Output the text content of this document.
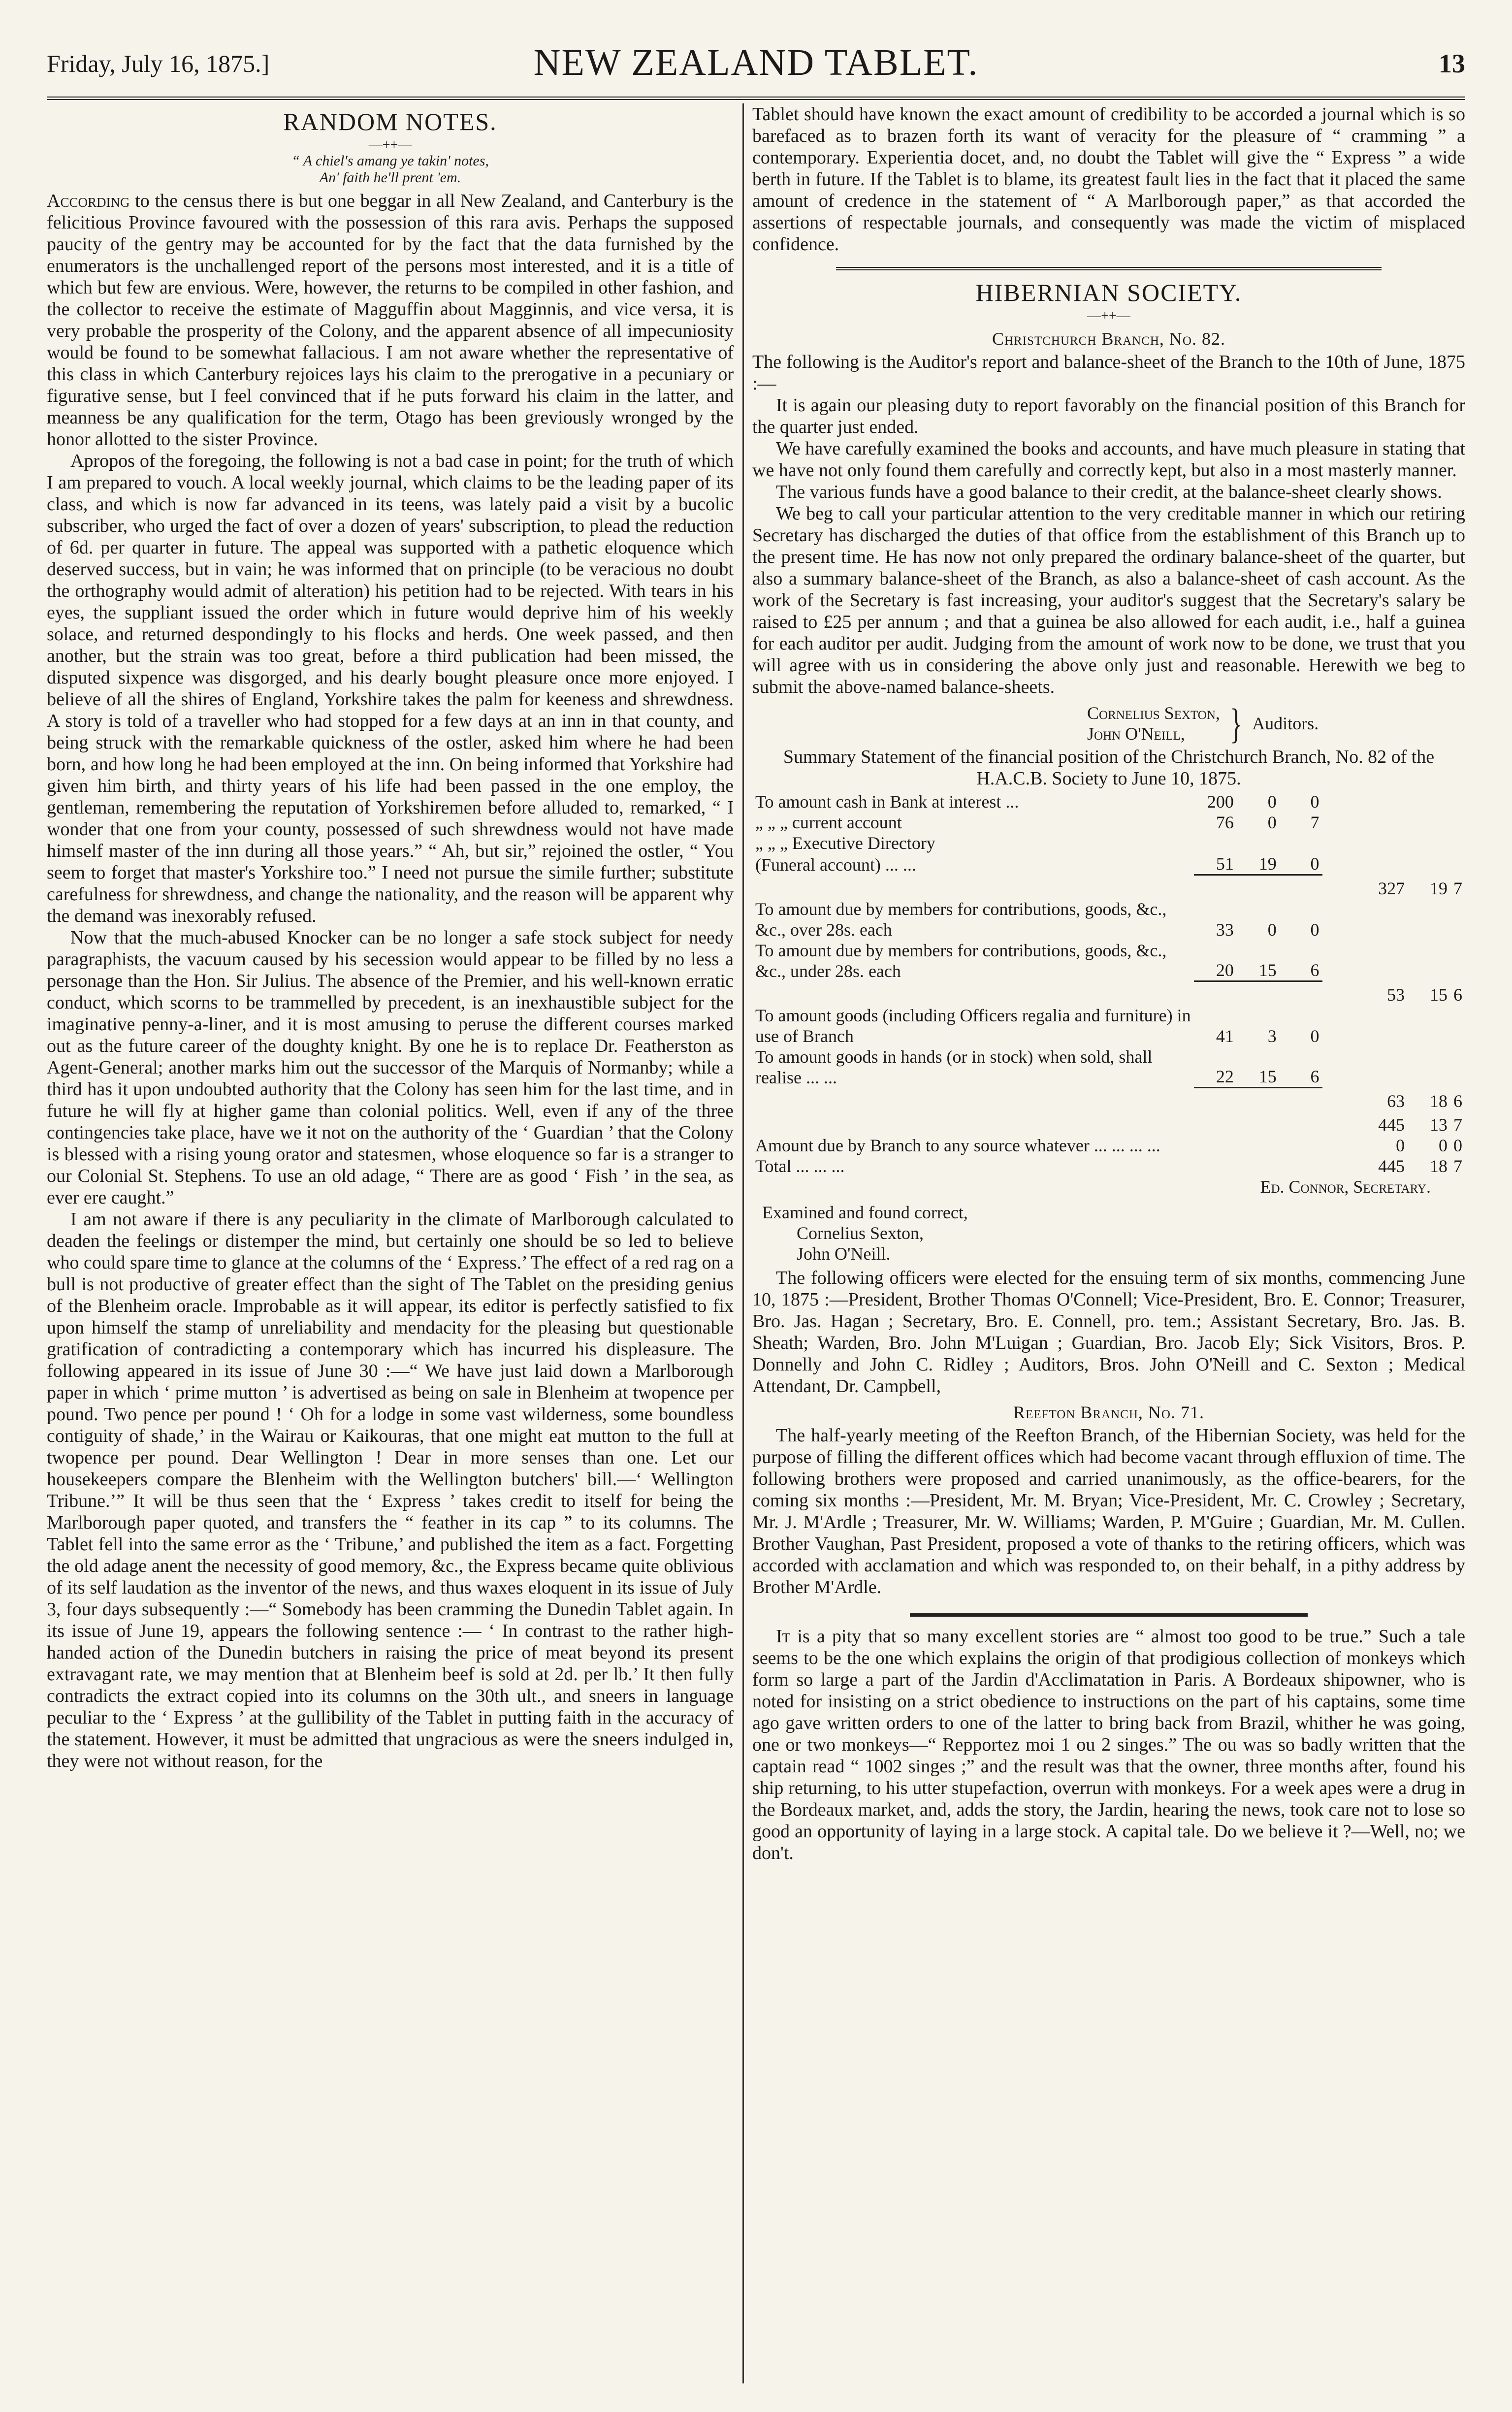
Friday, July 16, 1875.]	NEW ZEALAND TABLET.	13
RANDOM NOTES.
—++—
“ A chiel's amang ye takin' notes,
An' faith he'll prent 'em.

According to the census there is but one beggar in all New Zealand, and Canterbury is the felicitious Province favoured with the possession of this rara avis. Perhaps the supposed paucity of the gentry may be accounted for by the fact that the data furnished by the enumerators is the unchallenged report of the persons most interested, and it is a title of which but few are envious. Were, however, the returns to be compiled in other fashion, and the collector to receive the estimate of Magguffin about Magginnis, and vice versa, it is very probable the prosperity of the Colony, and the apparent absence of all impecuniosity would be found to be somewhat fallacious. I am not aware whether the representative of this class in which Canterbury rejoices lays his claim to the prerogative in a pecuniary or figurative sense, but I feel convinced that if he puts forward his claim in the latter, and meanness be any qualification for the term, Otago has been greviously wronged by the honor allotted to the sister Province.

Apropos of the foregoing, the following is not a bad case in point; for the truth of which I am prepared to vouch. A local weekly journal, which claims to be the leading paper of its class, and which is now far advanced in its teens, was lately paid a visit by a bucolic subscriber, who urged the fact of over a dozen of years' subscription, to plead the reduction of 6d. per quarter in future. The appeal was supported with a pathetic eloquence which deserved success, but in vain; he was informed that on principle (to be veracious no doubt the orthography would admit of alteration) his petition had to be rejected. With tears in his eyes, the suppliant issued the order which in future would deprive him of his weekly solace, and returned despondingly to his flocks and herds. One week passed, and then another, but the strain was too great, before a third publication had been missed, the disputed sixpence was disgorged, and his dearly bought pleasure once more enjoyed. I believe of all the shires of England, Yorkshire takes the palm for keeness and shrewdness. A story is told of a traveller who had stopped for a few days at an inn in that county, and being struck with the remarkable quickness of the ostler, asked him where he had been born, and how long he had been employed at the inn. On being informed that Yorkshire had given him birth, and thirty years of his life had been passed in the one employ, the gentleman, remembering the reputation of Yorkshiremen before alluded to, remarked, “ I wonder that one from your county, possessed of such shrewdness would not have made himself master of the inn during all those years.” “ Ah, but sir,” rejoined the ostler, “ You seem to forget that master's Yorkshire too.” I need not pursue the simile further; substitute carefulness for shrewdness, and change the nationality, and the reason will be apparent why the demand was inexorably refused.

Now that the much-abused Knocker can be no longer a safe stock subject for needy paragraphists, the vacuum caused by his secession would appear to be filled by no less a personage than the Hon. Sir Julius. The absence of the Premier, and his well-known erratic conduct, which scorns to be trammelled by precedent, is an inexhaustible subject for the imaginative penny-a-liner, and it is most amusing to peruse the different courses marked out as the future career of the doughty knight. By one he is to replace Dr. Featherston as Agent-General; another marks him out the successor of the Marquis of Normanby; while a third has it upon undoubted authority that the Colony has seen him for the last time, and in future he will fly at higher game than colonial politics. Well, even if any of the three contingencies take place, have we it not on the authority of the ‘ Guardian ’ that the Colony is blessed with a rising young orator and statesmen, whose eloquence so far is a stranger to our Colonial St. Stephens. To use an old adage, “ There are as good ‘ Fish ’ in the sea, as ever ere caught.”

I am not aware if there is any peculiarity in the climate of Marlborough calculated to deaden the feelings or distemper the mind, but certainly one should be so led to believe who could spare time to glance at the columns of the ‘ Express.’ The effect of a red rag on a bull is not productive of greater effect than the sight of The Tablet on the presiding genius of the Blenheim oracle. Improbable as it will appear, its editor is perfectly satisfied to fix upon himself the stamp of unreliability and mendacity for the pleasing but questionable gratification of contradicting a contemporary which has incurred his displeasure. The following appeared in its issue of June 30 :—“ We have just laid down a Marlborough paper in which ‘ prime mutton ’ is advertised as being on sale in Blenheim at twopence per pound. Two pence per pound ! ‘ Oh for a lodge in some vast wilderness, some boundless contiguity of shade,’ in the Wairau or Kaikouras, that one might eat mutton to the full at twopence per pound. Dear Wellington ! Dear in more senses than one. Let our housekeepers compare the Blenheim with the Wellington butchers' bill.—‘ Wellington Tribune.’” It will be thus seen that the ‘ Express ’ takes credit to itself for being the Marlborough paper quoted, and transfers the “ feather in its cap ” to its columns. The Tablet fell into the same error as the ‘ Tribune,’ and published the item as a fact. Forgetting the old adage anent the necessity of good memory, &c., the Express became quite oblivious of its self laudation as the inventor of the news, and thus waxes eloquent in its issue of July 3, four days subsequently :—“ Somebody has been cramming the Dunedin Tablet again. In its issue of June 19, appears the following sentence :— ‘ In contrast to the rather high-handed action of the Dunedin butchers in raising the price of meat beyond its present extravagant rate, we may mention that at Blenheim beef is sold at 2d. per lb.’ It then fully contradicts the extract copied into its columns on the 30th ult., and sneers in language peculiar to the ‘ Express ’ at the gullibility of the Tablet in putting faith in the accuracy of the statement. However, it must be admitted that ungracious as were the sneers indulged in, they were not without reason, for the

Tablet should have known the exact amount of credibility to be accorded a journal which is so barefaced as to brazen forth its want of veracity for the pleasure of “ cramming ” a contemporary. Experientia docet, and, no doubt the Tablet will give the “ Express ” a wide berth in future. If the Tablet is to blame, its greatest fault lies in the fact that it placed the same amount of credence in the statement of “ A Marlborough paper,” as that accorded the assertions of respectable journals, and consequently was made the victim of misplaced confidence.

HIBERNIAN SOCIETY.
—++—
Christchurch Branch, No. 82.

The following is the Auditor's report and balance-sheet of the Branch to the 10th of June, 1875 :—

It is again our pleasing duty to report favorably on the financial position of this Branch for the quarter just ended.

We have carefully examined the books and accounts, and have much pleasure in stating that we have not only found them carefully and correctly kept, but also in a most masterly manner.

The various funds have a good balance to their credit, at the balance-sheet clearly shows.

We beg to call your particular attention to the very creditable manner in which our retiring Secretary has discharged the duties of that office from the establishment of this Branch up to the present time. He has now not only prepared the ordinary balance-sheet of the quarter, but also a summary balance-sheet of the Branch, as also a balance-sheet of cash account. As the work of the Secretary is fast increasing, your auditor's suggest that the Secretary's salary be raised to £25 per annum ; and that a guinea be also allowed for each audit, i.e., half a guinea for each auditor per audit. Judging from the amount of work now to be done, we trust that you will agree with us in considering the above only just and reasonable. Herewith we beg to submit the above-named balance-sheets.

Cornelius Sexton,
John O'Neill,	} Auditors.
Summary Statement of the financial position of the Christchurch Branch, No. 82 of the H.A.C.B. Society to June 10, 1875.
To amount cash in Bank at interest ...	200	0	0				
„ „ „ current account	76	0	7				
„ „ „ Executive Directory							
(Funeral account) ... ...	51	19	0				
					327	19	7
To amount due by members for contributions, goods, &c., &c., over 28s. each	33	0	0				
To amount due by members for contributions, goods, &c., &c., under 28s. each	20	15	6				
					53	15	6
To amount goods (including Officers regalia and furniture) in use of Branch	41	3	0				
To amount goods in hands (or in stock) when sold, shall realise ... ...	22	15	6				
					63	18	6
					445	13	7
Amount due by Branch to any source whatever ... ... ... ...					0	0	0
Total ... ... ...					445	18	7
Ed. Connor, Secretary.
Examined and found correct,
Cornelius Sexton,
John O'Neill.

The following officers were elected for the ensuing term of six months, commencing June 10, 1875 :—President, Brother Thomas O'Connell; Vice-President, Bro. E. Connor; Treasurer, Bro. Jas. Hagan ; Secretary, Bro. E. Connell, pro. tem.; Assistant Secretary, Bro. Jas. B. Sheath; Warden, Bro. John M'Luigan ; Guardian, Bro. Jacob Ely; Sick Visitors, Bros. P. Donnelly and John C. Ridley ; Auditors, Bros. John O'Neill and C. Sexton ; Medical Attendant, Dr. Campbell,

Reefton Branch, No. 71.

The half-yearly meeting of the Reefton Branch, of the Hibernian Society, was held for the purpose of filling the different offices which had become vacant through effluxion of time. The following brothers were proposed and carried unanimously, as the office-bearers, for the coming six months :—President, Mr. M. Bryan; Vice-President, Mr. C. Crowley ; Secretary, Mr. J. M'Ardle ; Treasurer, Mr. W. Williams; Warden, P. M'Guire ; Guardian, Mr. M. Cullen. Brother Vaughan, Past President, proposed a vote of thanks to the retiring officers, which was accorded with acclamation and which was responded to, on their behalf, in a pithy address by Brother M'Ardle.

It is a pity that so many excellent stories are “ almost too good to be true.” Such a tale seems to be the one which explains the origin of that prodigious collection of monkeys which form so large a part of the Jardin d'Acclimatation in Paris. A Bordeaux shipowner, who is noted for insisting on a strict obedience to instructions on the part of his captains, some time ago gave written orders to one of the latter to bring back from Brazil, whither he was going, one or two monkeys—“ Repportez moi 1 ou 2 singes.” The ou was so badly written that the captain read “ 1002 singes ;” and the result was that the owner, three months after, found his ship returning, to his utter stupefaction, overrun with monkeys. For a week apes were a drug in the Bordeaux market, and, adds the story, the Jardin, hearing the news, took care not to lose so good an opportunity of laying in a large stock. A capital tale. Do we believe it ?—Well, no; we don't.
